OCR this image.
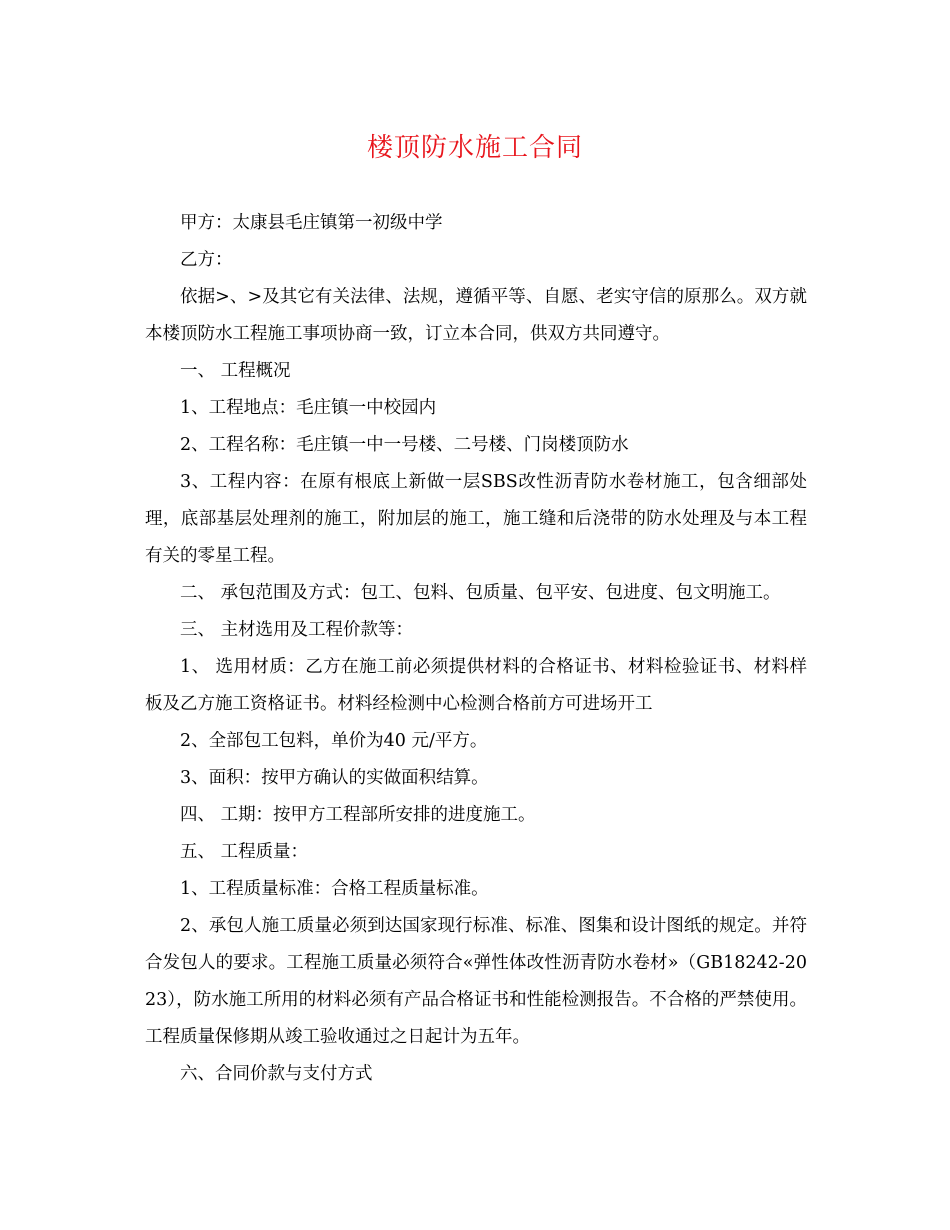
楼顶防水施工合同

甲方：太康县毛庄镇第一初级中学

乙方：

依据>、>及其它有关法律、法规，遵循平等、自愿、老实守信的原那么。双方就本楼顶防水工程施工事项协商一致，订立本合同，供双方共同遵守。

一、 工程概况

1、工程地点：毛庄镇一中校园内

2、工程名称：毛庄镇一中一号楼、二号楼、门岗楼顶防水

3、工程内容：在原有根底上新做一层SBS改性沥青防水卷材施工，包含细部处理，底部基层处理剂的施工，附加层的施工，施工缝和后浇带的防水处理及与本工程有关的零星工程。

二、 承包范围及方式：包工、包料、包质量、包平安、包进度、包文明施工。

三、 主材选用及工程价款等：

1、 选用材质：乙方在施工前必须提供材料的合格证书、材料检验证书、材料样板及乙方施工资格证书。材料经检测中心检测合格前方可进场开工

2、全部包工包料，单价为40 元/平方。

3、面积：按甲方确认的实做面积结算。

四、 工期：按甲方工程部所安排的进度施工。

五、 工程质量：

1、工程质量标准：合格工程质量标准。

2、承包人施工质量必须到达国家现行标准、标准、图集和设计图纸的规定。并符合发包人的要求。工程施工质量必须符合«弹性体改性沥青防水卷材»（GB18242-2023），防水施工所用的材料必须有产品合格证书和性能检测报告。不合格的严禁使用。工程质量保修期从竣工验收通过之日起计为五年。

六、合同价款与支付方式
